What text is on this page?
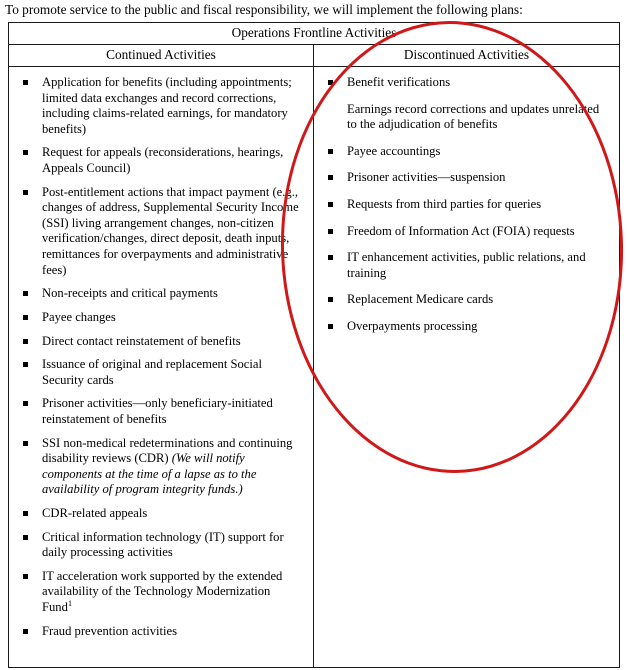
To promote service to the public and fiscal responsibility, we will implement the following plans:

Operations Frontline Activities
Continued Activities	Discontinued Activities
Application for benefits (including appointments; limited data exchanges and record corrections, including claims-related earnings, for mandatory benefits)
Request for appeals (reconsiderations, hearings, Appeals Council)
Post-entitlement actions that impact payment (e.g., changes of address, Supplemental Security Income (SSI) living arrangement changes, non-citizen verification/changes, direct deposit, death inputs, remittances for overpayments and administrative fees)
Non-receipts and critical payments
Payee changes
Direct contact reinstatement of benefits
Issuance of original and replacement Social Security cards
Prisoner activities—only beneficiary-initiated reinstatement of benefits
SSI non-medical redeterminations and continuing disability reviews (CDR) (We will notify components at the time of a lapse as to the availability of program integrity funds.)
CDR-related appeals
Critical information technology (IT) support for daily processing activities
IT acceleration work supported by the extended availability of the Technology Modernization Fund$^1$
Fraud prevention activities
Benefit verifications
Earnings record corrections and updates unrelated to the adjudication of benefits
Payee accountings
Prisoner activities—suspension
Requests from third parties for queries
Freedom of Information Act (FOIA) requests
IT enhancement activities, public relations, and training
Replacement Medicare cards
Overpayments processing
